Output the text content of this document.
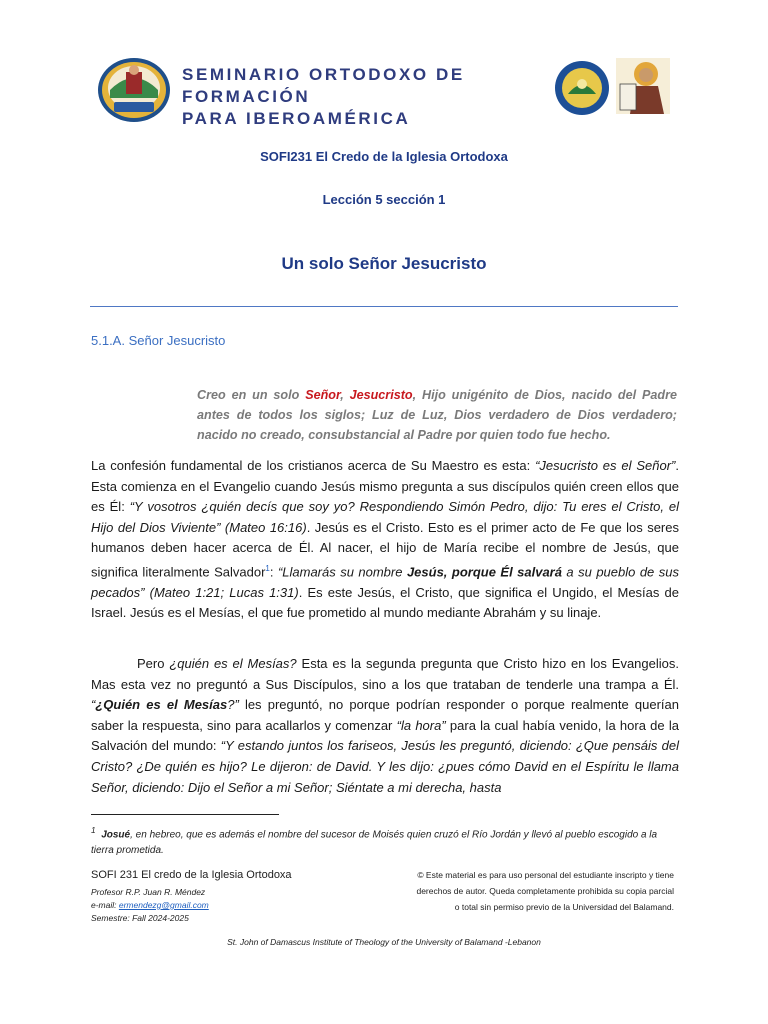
SEMINARIO ORTODOXO DE FORMACIÓN
PARA IBEROAMÉRICA
SOFI231 El Credo de la Iglesia Ortodoxa
Lección 5 sección 1
Un solo Señor Jesucristo
5.1.A. Señor Jesucristo
Creo en un solo Señor, Jesucristo, Hijo unigénito de Dios, nacido del Padre antes de todos los siglos; Luz de Luz, Dios verdadero de Dios verdadero; nacido no creado, consubstancial al Padre por quien todo fue hecho.
La confesión fundamental de los cristianos acerca de Su Maestro es esta: “Jesucristo es el Señor”. Esta comienza en el Evangelio cuando Jesús mismo pregunta a sus discípulos quién creen ellos que es Él: “Y vosotros ¿quién decís que soy yo? Respondiendo Simón Pedro, dijo: Tu eres el Cristo, el Hijo del Dios Viviente” (Mateo 16:16). Jesús es el Cristo. Esto es el primer acto de Fe que los seres humanos deben hacer acerca de Él. Al nacer, el hijo de María recibe el nombre de Jesús, que significa literalmente Salvador$^1$: “Llamarás su nombre Jesús, porque Él salvará a su pueblo de sus pecados” (Mateo 1:21; Lucas 1:31). Es este Jesús, el Cristo, que significa el Ungido, el Mesías de Israel. Jesús es el Mesías, el que fue prometido al mundo mediante Abrahám y su linaje.
Pero ¿quién es el Mesías? Esta es la segunda pregunta que Cristo hizo en los Evangelios. Mas esta vez no preguntó a Sus Discípulos, sino a los que trataban de tenderle una trampa a Él. “¿Quién es el Mesías?” les preguntó, no porque podrían responder o porque realmente querían saber la respuesta, sino para acallarlos y comenzar “la hora” para la cual había venido, la hora de la Salvación del mundo: “Y estando juntos los fariseos, Jesús les preguntó, diciendo: ¿Que pensáis del Cristo? ¿De quién es hijo? Le dijeron: de David. Y les dijo: ¿pues cómo David en el Espíritu le llama Señor, diciendo: Dijo el Señor a mi Señor; Siéntate a mi derecha, hasta
$^1$ Josué, en hebreo, que es además el nombre del sucesor de Moisés quien cruzó el Río Jordán y llevó al pueblo escogido a la tierra prometida.
SOFI 231 El credo de la Iglesia Ortodoxa
Profesor R.P. Juan R. Méndez
e-mail: ermendezg@gmail.com
Semestre: Fall 2024-2025
© Este material es para uso personal del estudiante inscripto y tiene
derechos de autor. Queda completamente prohibida su copia parcial
o total sin permiso previo de la Universidad del Balamand.
St. John of Damascus Institute of Theology of the University of Balamand -Lebanon
